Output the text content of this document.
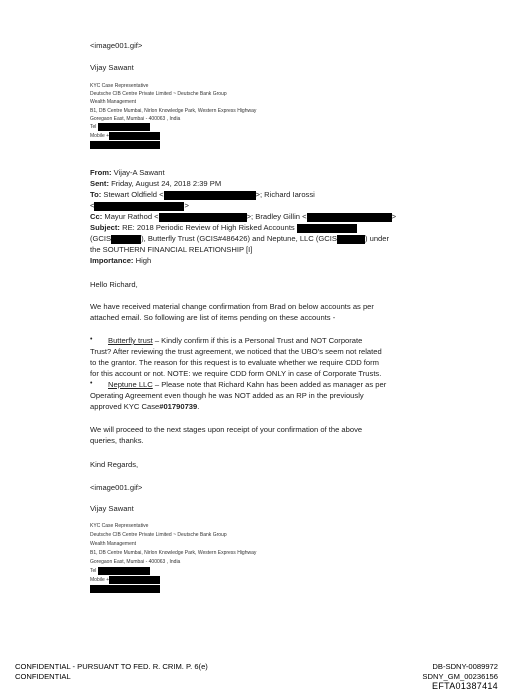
<image001.gif>
Vijay Sawant
KYC Case Representative
Deutsche CIB Centre Private Limited ~ Deutsche Bank Group
Wealth Management
B1, DB Centre Mumbai, Nirlon Knowledge Park, Western Express Highway
Goregaon East, Mumbai - 400063 , India
Tel
Mobile +
From: Vijay-A Sawant
Sent: Friday, August 24, 2018 2:39 PM
To: Stewart Oldfield <	>; Richard Iarossi
<	>
Cc: Mayur Rathod <	>; Bradley Gillin <	>
Subject: RE: 2018 Periodic Review of High Risked Accounts
(GCIS	), Butterfly Trust (GCIS#486426) and Neptune, LLC (GCIS	) under
the SOUTHERN FINANCIAL RELATIONSHIP [I]
Importance: High
Hello Richard,
We have received material change confirmation from Brad on below accounts as per
attached email. So following are list of items pending on these accounts -
• Butterfly trust – Kindly confirm if this is a Personal Trust and NOT Corporate
Trust? After reviewing the trust agreement, we noticed that the UBO’s seem not related
to the grantor. The reason for this request is to evaluate whether we require CDD form
for this account or not. NOTE: we require CDD form ONLY in case of Corporate Trusts.
• Neptune LLC – Please note that Richard Kahn has been added as manager as per
Operating Agreement even though he was NOT added as an RP in the previously
approved KYC Case#01790739.
We will proceed to the next stages upon receipt of your confirmation of the above
queries, thanks.
Kind Regards,
<image001.gif>
Vijay Sawant
KYC Case Representative
Deutsche CIB Centre Private Limited ~ Deutsche Bank Group
Wealth Management
B1, DB Centre Mumbai, Nirlon Knowledge Park, Western Express Highway
Goregaon East, Mumbai - 400063 , India
Tel
Mobile +
CONFIDENTIAL - PURSUANT TO FED. R. CRIM. P. 6(e)
CONFIDENTIAL
DB-SDNY-0089972
SDNY_GM_00236156
EFTA01387414
